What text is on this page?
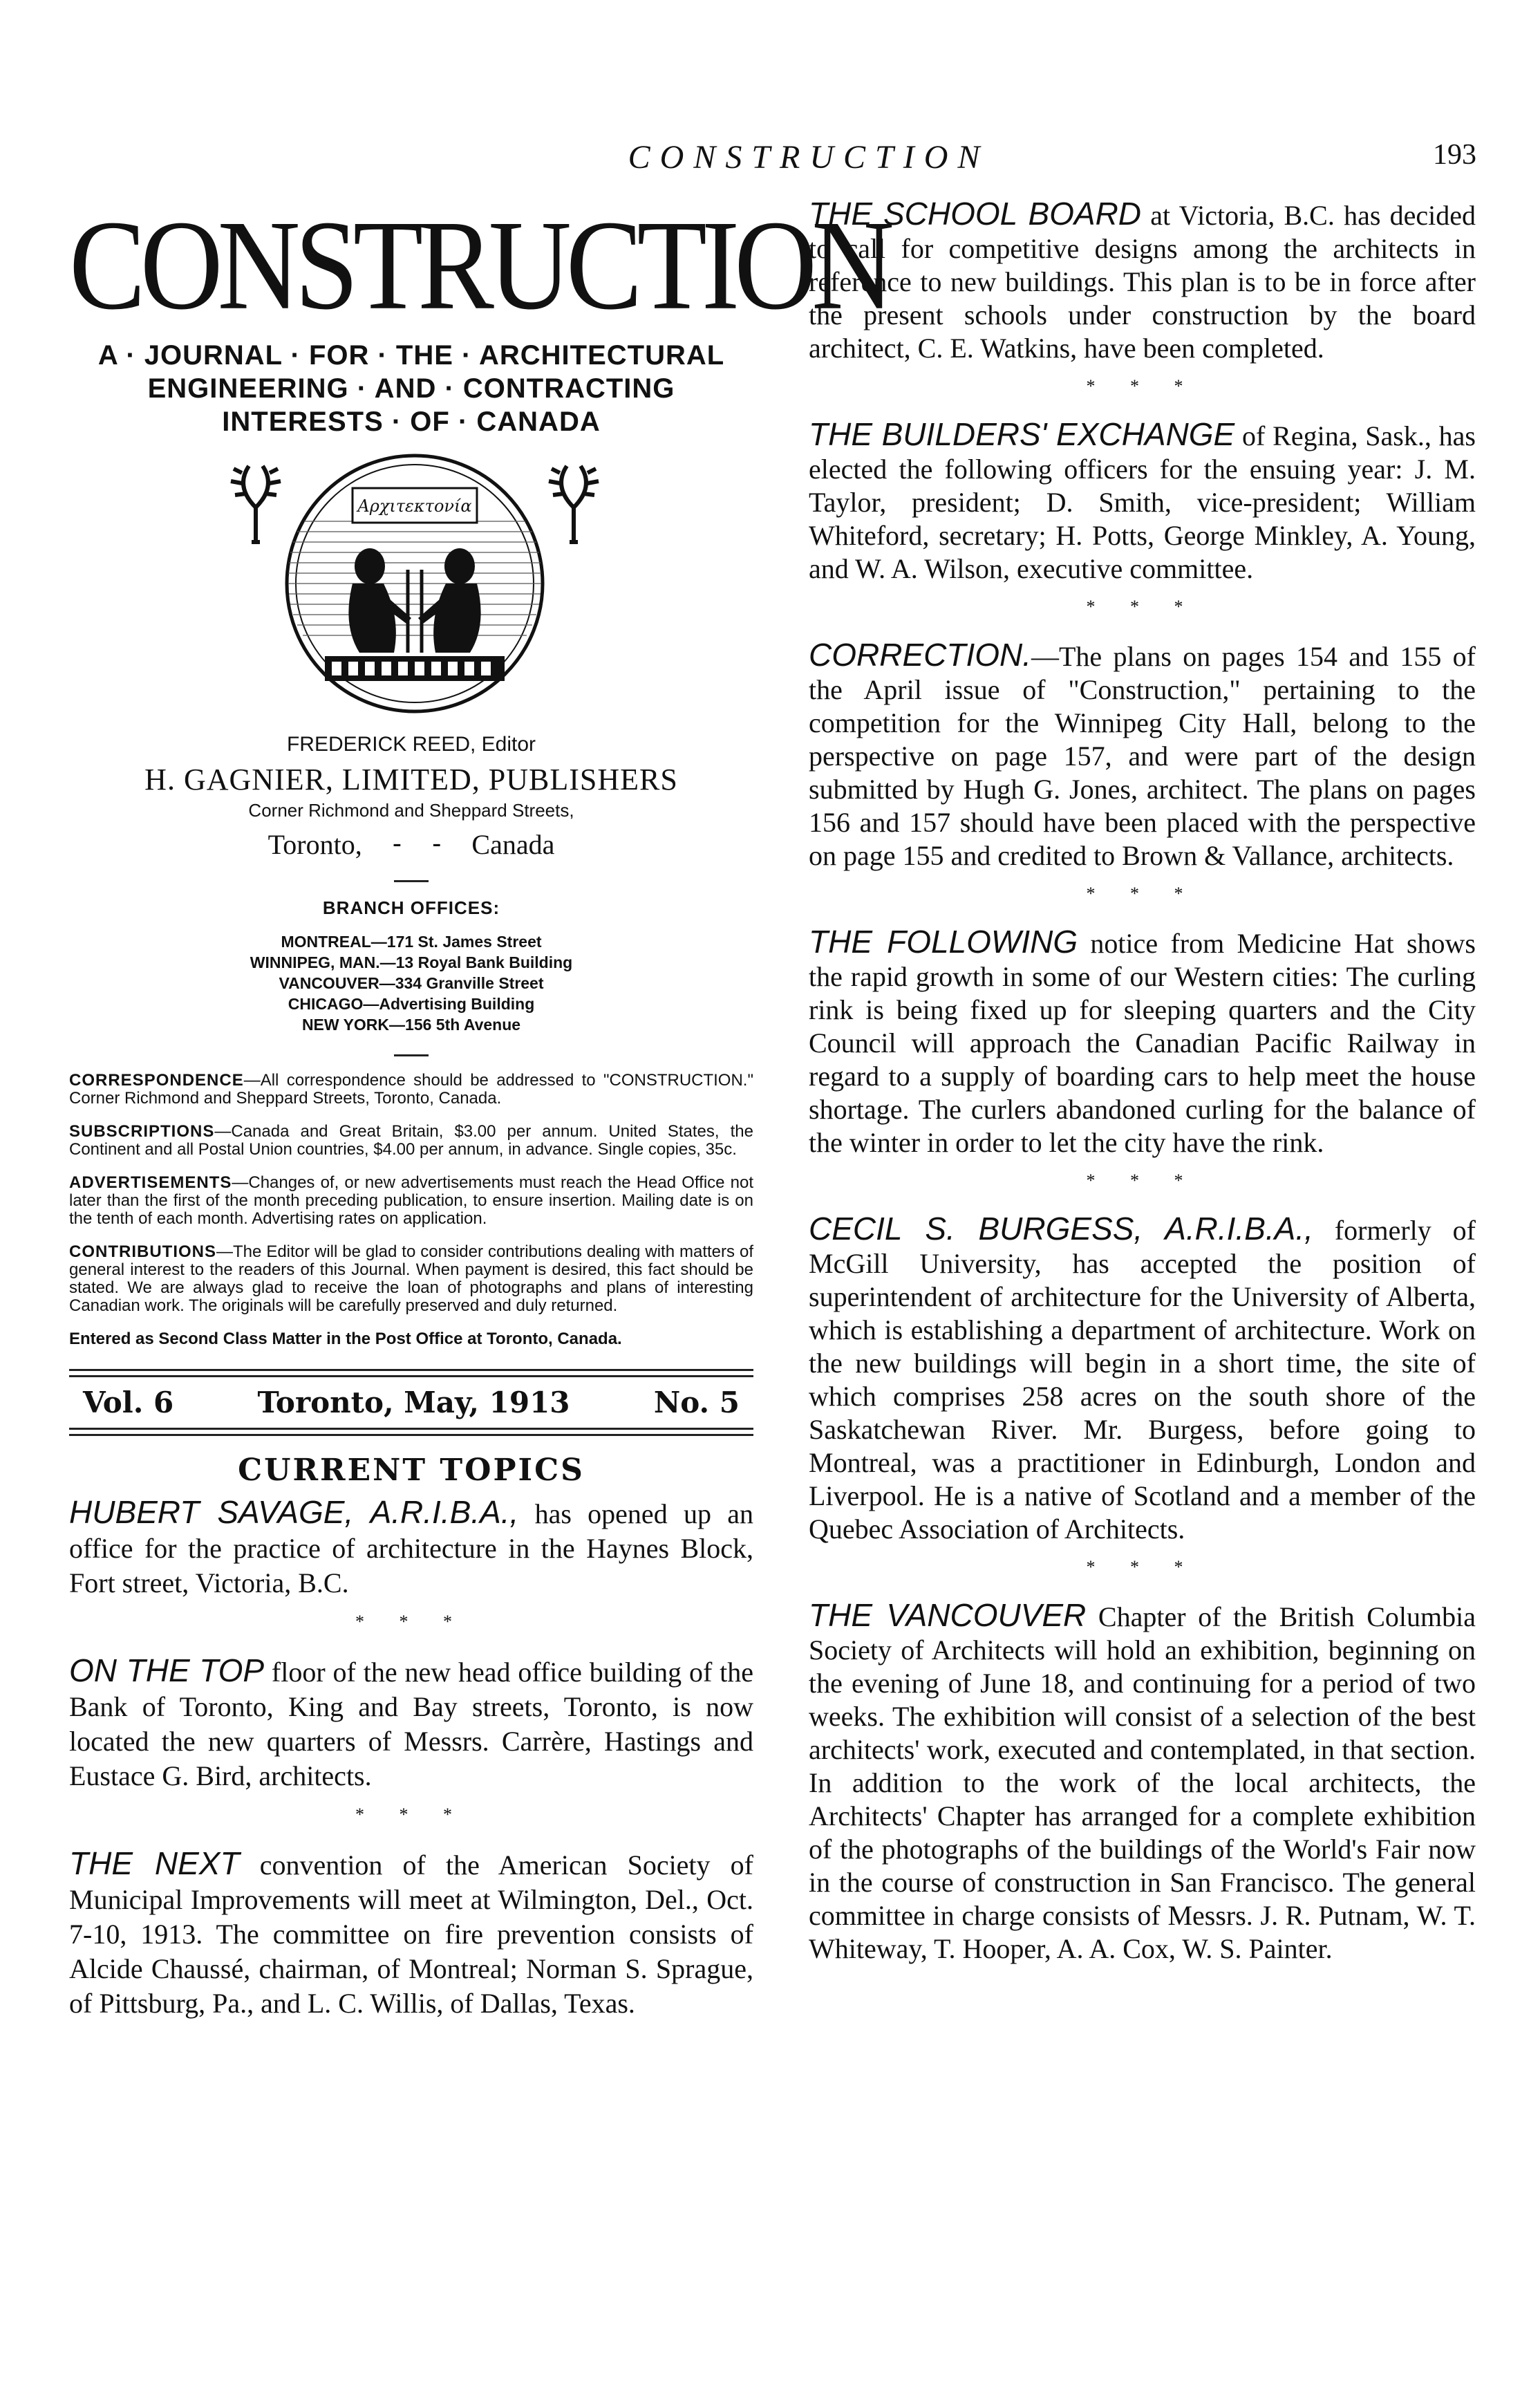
CONSTRUCTION	193
CONSTRUCTION

A · JOURNAL · FOR · THE · ARCHITECTURAL

ENGINEERING · AND · CONTRACTING

INTERESTS · OF · CANADA

Αρχιτεκτονία
FREDERICK REED, Editor
H. GAGNIER, LIMITED, PUBLISHERS
Corner Richmond and Sheppard Streets,
Toronto, - - Canada
BRANCH OFFICES:
MONTREAL—171 St. James Street
WINNIPEG, MAN.—13 Royal Bank Building
VANCOUVER—334 Granville Street
CHICAGO—Advertising Building
NEW YORK—156 5th Avenue
CORRESPONDENCE—All correspondence should be addressed to "CONSTRUCTION." Corner Richmond and Sheppard Streets, Toronto, Canada.
SUBSCRIPTIONS—Canada and Great Britain, $3.00 per annum. United States, the Continent and all Postal Union countries, $4.00 per annum, in advance. Single copies, 35c.
ADVERTISEMENTS—Changes of, or new advertisements must reach the Head Office not later than the first of the month preceding publication, to ensure insertion. Mailing date is on the tenth of each month. Advertising rates on application.
CONTRIBUTIONS—The Editor will be glad to consider contributions dealing with matters of general interest to the readers of this Journal. When payment is desired, this fact should be stated. We are always glad to receive the loan of photographs and plans of interesting Canadian work. The originals will be carefully preserved and duly returned.
Entered as Second Class Matter in the Post Office at Toronto, Canada.
Vol. 6	Toronto, May, 1913	No. 5
CURRENT TOPICS

HUBERT SAVAGE, A.R.I.B.A., has opened up an office for the practice of architecture in the Haynes Block, Fort street, Victoria, B.C.

* * *

ON THE TOP floor of the new head office building of the Bank of Toronto, King and Bay streets, Toronto, is now located the new quarters of Messrs. Carrère, Hastings and Eustace G. Bird, architects.

* * *

THE NEXT convention of the American Society of Municipal Improvements will meet at Wilmington, Del., Oct. 7-10, 1913. The committee on fire prevention consists of Alcide Chaussé, chairman, of Montreal; Norman S. Sprague, of Pittsburg, Pa., and L. C. Willis, of Dallas, Texas.

THE SCHOOL BOARD at Victoria, B.C. has decided to call for competitive designs among the architects in reference to new buildings. This plan is to be in force after the present schools under construction by the board architect, C. E. Watkins, have been completed.

* * *

THE BUILDERS' EXCHANGE of Regina, Sask., has elected the following officers for the ensuing year: J. M. Taylor, president; D. Smith, vice-president; William Whiteford, secretary; H. Potts, George Minkley, A. Young, and W. A. Wilson, executive committee.

* * *

CORRECTION.—The plans on pages 154 and 155 of the April issue of "Construction," pertaining to the competition for the Winnipeg City Hall, belong to the perspective on page 157, and were part of the design submitted by Hugh G. Jones, architect. The plans on pages 156 and 157 should have been placed with the perspective on page 155 and credited to Brown & Vallance, architects.

* * *

THE FOLLOWING notice from Medicine Hat shows the rapid growth in some of our Western cities: The curling rink is being fixed up for sleeping quarters and the City Council will approach the Canadian Pacific Railway in regard to a supply of boarding cars to help meet the house shortage. The curlers abandoned curling for the balance of the winter in order to let the city have the rink.

* * *

CECIL S. BURGESS, A.R.I.B.A., formerly of McGill University, has accepted the position of superintendent of architecture for the University of Alberta, which is establishing a department of architecture. Work on the new buildings will begin in a short time, the site of which comprises 258 acres on the south shore of the Saskatchewan River. Mr. Burgess, before going to Montreal, was a practitioner in Edinburgh, London and Liverpool. He is a native of Scotland and a member of the Quebec Association of Architects.

* * *

THE VANCOUVER Chapter of the British Columbia Society of Architects will hold an exhibition, beginning on the evening of June 18, and continuing for a period of two weeks. The exhibition will consist of a selection of the best architects' work, executed and contemplated, in that section. In addition to the work of the local architects, the Architects' Chapter has arranged for a complete exhibition of the photographs of the buildings of the World's Fair now in the course of construction in San Francisco. The general committee in charge consists of Messrs. J. R. Putnam, W. T. Whiteway, T. Hooper, A. A. Cox, W. S. Painter.
